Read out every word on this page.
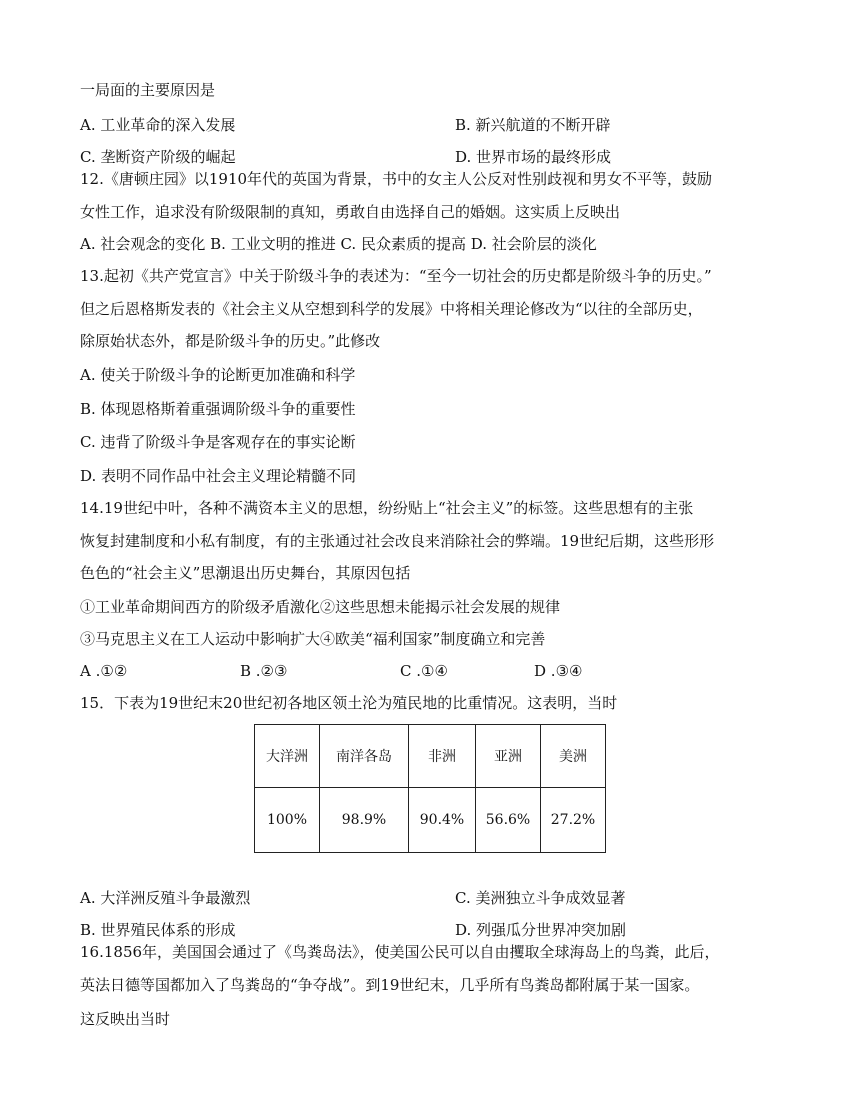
一局面的主要原因是
A. 工业革命的深入发展	B. 新兴航道的不断开辟
C. 垄断资产阶级的崛起	D. 世界市场的最终形成
12.《唐顿庄园》以1910年代的英国为背景，书中的女主人公反对性别歧视和男女不平等，鼓励
女性工作，追求没有阶级限制的真知，勇敢自由选择自己的婚姻。这实质上反映出
A. 社会观念的变化 B. 工业文明的推进 C. 民众素质的提高 D. 社会阶层的淡化
13.起初《共产党宣言》中关于阶级斗争的表述为：“至今一切社会的历史都是阶级斗争的历史。”
但之后恩格斯发表的《社会主义从空想到科学的发展》中将相关理论修改为“以往的全部历史，
除原始状态外，都是阶级斗争的历史。”此修改
A. 使关于阶级斗争的论断更加准确和科学
B. 体现恩格斯着重强调阶级斗争的重要性
C. 违背了阶级斗争是客观存在的事实论断
D. 表明不同作品中社会主义理论精髓不同
14.19世纪中叶，各种不满资本主义的思想，纷纷贴上“社会主义”的标签。这些思想有的主张
恢复封建制度和小私有制度，有的主张通过社会改良来消除社会的弊端。19世纪后期，这些形形
色色的“社会主义”思潮退出历史舞台，其原因包括
①工业革命期间西方的阶级矛盾激化②这些思想未能揭示社会发展的规律
③马克思主义在工人运动中影响扩大④欧美“福利国家”制度确立和完善
A .①②	B .②③	C .①④	D .③④
15．下表为19世纪末20世纪初各地区领土沦为殖民地的比重情况。这表明，当时
大洋洲	南洋各岛	非洲	亚洲	美洲
100%	98.9%	90.4%	56.6%	27.2%
A. 大洋洲反殖斗争最激烈	C. 美洲独立斗争成效显著
B. 世界殖民体系的形成	D. 列强瓜分世界冲突加剧
16.1856年，美国国会通过了《鸟粪岛法》，使美国公民可以自由攫取全球海岛上的鸟粪，此后，
英法日德等国都加入了鸟粪岛的“争夺战”。到19世纪末，几乎所有鸟粪岛都附属于某一国家。
这反映出当时
